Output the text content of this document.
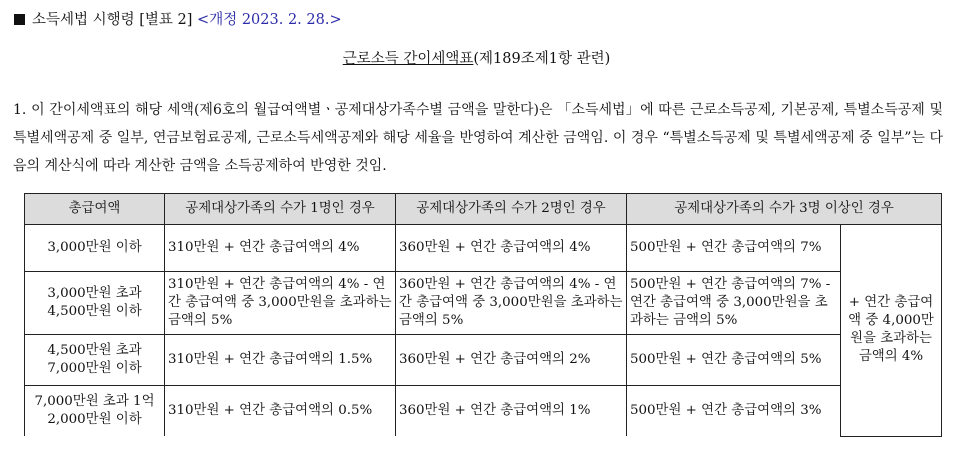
소득세법 시행령 [별표 2] <개정 2023. 2. 28.>
근로소득 간이세액표(제189조제1항 관련)
1. 이 간이세액표의 해당 세액(제6호의 월급여액별ㆍ공제대상가족수별 금액을 말한다)은 「소득세법」에 따른 근로소득공제, 기본공제, 특별소득공제 및 특별세액공제 중 일부, 연금보험료공제, 근로소득세액공제와 해당 세율을 반영하여 계산한 금액임. 이 경우 “특별소득공제 및 특별세액공제 중 일부”는 다음의 계산식에 따라 계산한 금액을 소득공제하여 반영한 것임.
총급여액	공제대상가족의 수가 1명인 경우	공제대상가족의 수가 2명인 경우	공제대상가족의 수가 3명 이상인 경우	
3,000만원 이하	310만원 + 연간 총급여액의 4%	360만원 + 연간 총급여액의 4%	500만원 + 연간 총급여액의 7%	+ 연간 총급여액 중 4,000만원을 초과하는 금액의 4%
3,000만원 초과 4,500만원 이하	310만원 + 연간 총급여액의 4% - 연간 총급여액 중 3,000만원을 초과하는 금액의 5%	360만원 + 연간 총급여액의 4% - 연간 총급여액 중 3,000만원을 초과하는 금액의 5%	500만원 + 연간 총급여액의 7% - 연간 총급여액 중 3,000만원을 초과하는 금액의 5%	
4,500만원 초과 7,000만원 이하	310만원 + 연간 총급여액의 1.5%	360만원 + 연간 총급여액의 2%	500만원 + 연간 총급여액의 5%	
7,000만원 초과 1억 2,000만원 이하	310만원 + 연간 총급여액의 0.5%	360만원 + 연간 총급여액의 1%	500만원 + 연간 총급여액의 3%	
